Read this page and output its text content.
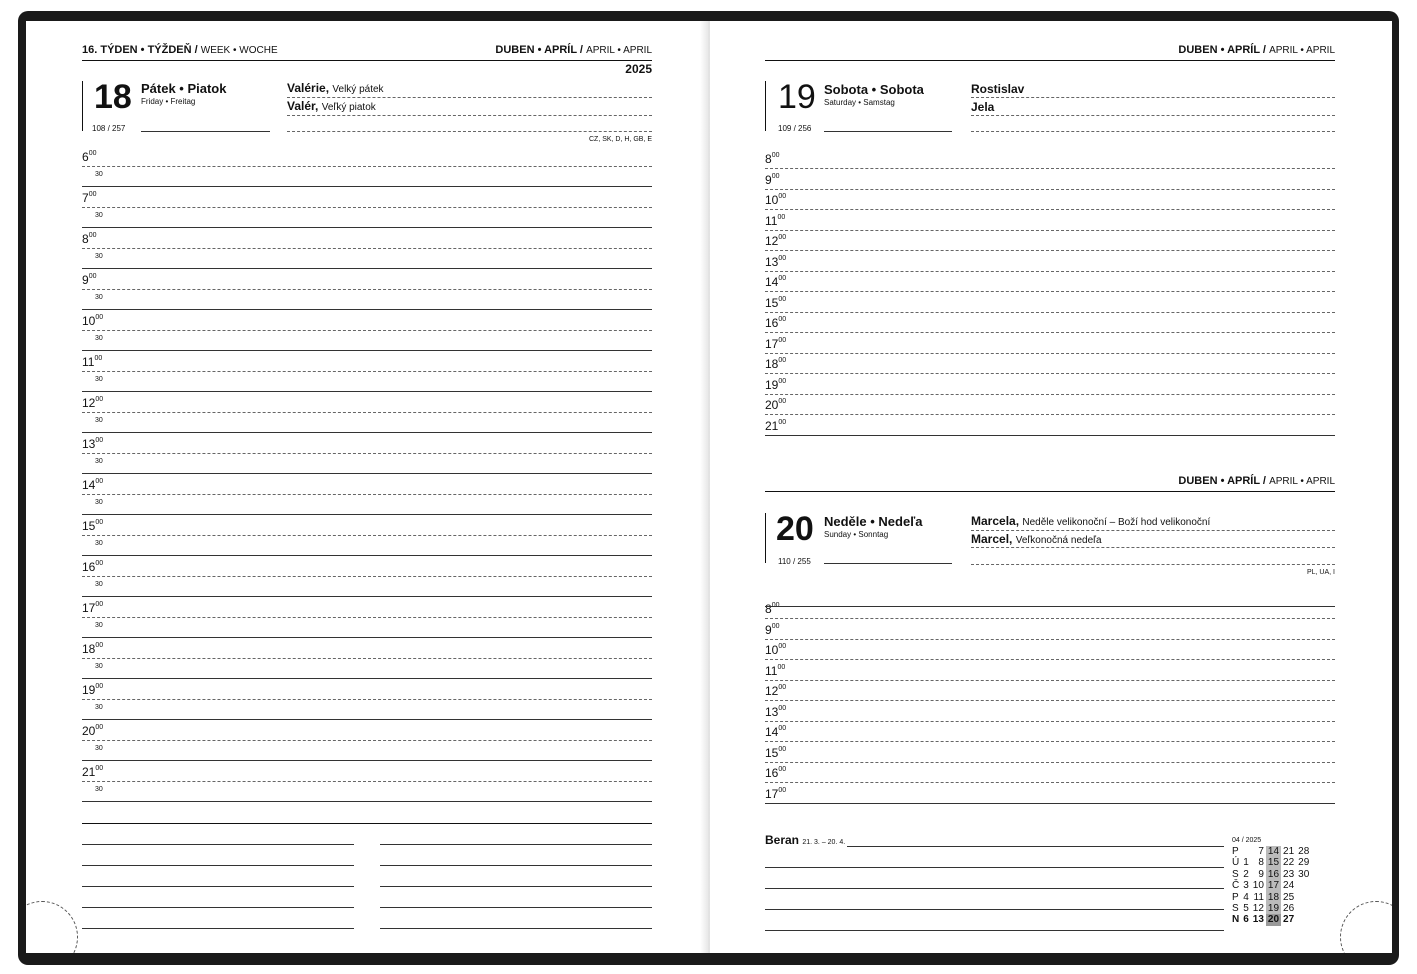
16. TÝDEN • TÝŽDEŇ / WEEK • WOCHE	DUBEN • APRÍL / APRIL • APRIL
2025
18 Pátek • Piatok
Friday • Freitag
108 / 257
Valérie, Velký pátek
Valér, Veľký piatok
CZ, SK, D, H, GB, E
$6^{00}$
30
$7^{00}$
30
$8^{00}$
30
$9^{00}$
30
$10^{00}$
30
$11^{00}$
30
$12^{00}$
30
$13^{00}$
30
$14^{00}$
30
$15^{00}$
30
$16^{00}$
30
$17^{00}$
30
$18^{00}$
30
$19^{00}$
30
$20^{00}$
30
$21^{00}$
30
DUBEN • APRÍL / APRIL • APRIL
19 Sobota • Sobota
Saturday • Samstag
109 / 256
Rostislav
Jela
$8^{00}$
$9^{00}$
$10^{00}$
$11^{00}$
$12^{00}$
$13^{00}$
$14^{00}$
$15^{00}$
$16^{00}$
$17^{00}$
$18^{00}$
$19^{00}$
$20^{00}$
$21^{00}$
DUBEN • APRÍL / APRIL • APRIL
20 Neděle • Nedeľa
Sunday • Sonntag
110 / 255
Marcela, Neděle velikonoční – Boží hod velikonoční
Marcel, Veľkonočná nedeľa
PL, UA, I
$8^{00}$
$9^{00}$
$10^{00}$
$11^{00}$
$12^{00}$
$13^{00}$
$14^{00}$
$15^{00}$
$16^{00}$
$17^{00}$
Beran 21. 3. – 20. 4.	04 / 2025
P		7	14	21	28
Ú	1	8	15	22	29
S	2	9	16	23	30
Č	3	10	17	24	
P	4	11	18	25	
S	5	12	19	26	
N	6	13	20	27	
